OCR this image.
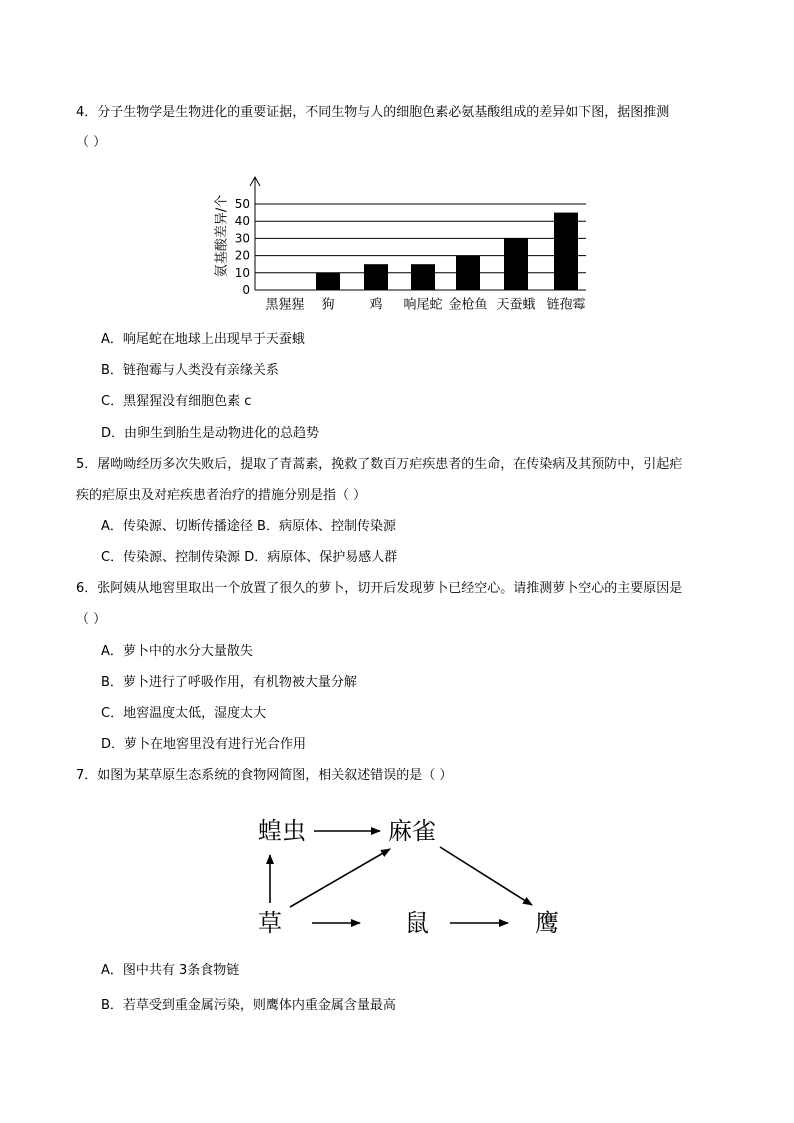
4．分子生物学是生物进化的重要证据，不同生物与人的细胞色素必氨基酸组成的差异如下图，据图推测
（ ）
氨基酸差异/个
0
10
20
30
40
50
黑猩猩 狗	鸡 响尾蛇 金枪鱼 天蚕蛾 链孢霉
A．响尾蛇在地球上出现早于天蚕蛾
B．链孢霉与人类没有亲缘关系
C．黑猩猩没有细胞色素 c
D．由卵生到胎生是动物进化的总趋势
5．屠呦呦经历多次失败后，提取了青蒿素，挽救了数百万疟疾患者的生命，在传染病及其预防中，引起疟
疾的疟原虫及对疟疾患者治疗的措施分别是指（ ）
A．传染源、切断传播途径 B．病原体、控制传染源
C．传染源、控制传染源 D．病原体、保护易感人群
6．张阿姨从地窖里取出一个放置了很久的萝卜，切开后发现萝卜已经空心。请推测萝卜空心的主要原因是
（ ）
A．萝卜中的水分大量散失
B．萝卜进行了呼吸作用，有机物被大量分解
C．地窖温度太低，湿度太大
D．萝卜在地窖里没有进行光合作用
7．如图为某草原生态系统的食物网简图，相关叙述错误的是（ ）
蝗虫	麻雀
草	鼠	鹰
A．图中共有 3条食物链
B．若草受到重金属污染，则鹰体内重金属含量最高
